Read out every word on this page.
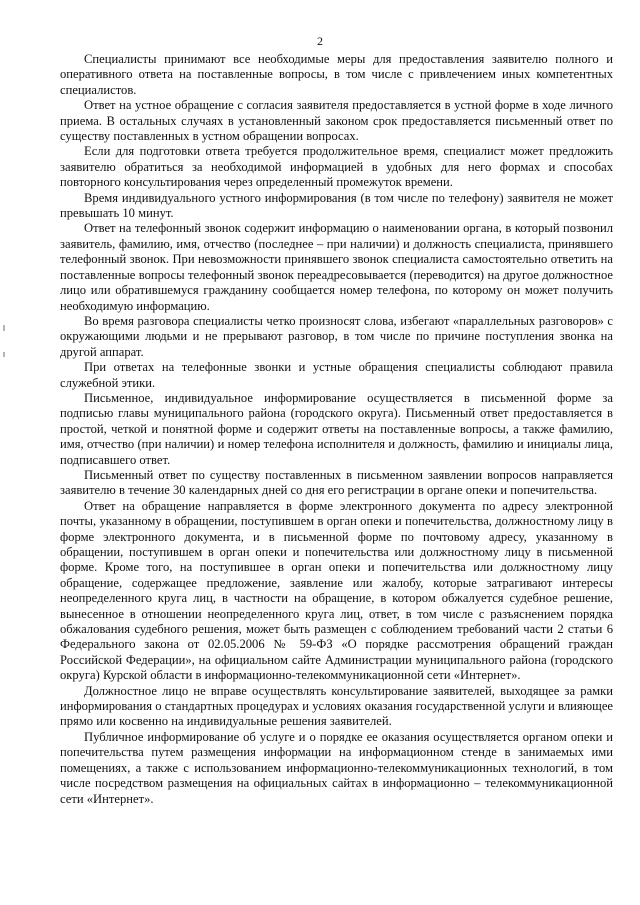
2

Специалисты принимают все необходимые меры для предоставления заявителю полного и оперативного ответа на поставленные вопросы, в том числе с привлечением иных компетентных специалистов.

Ответ на устное обращение с согласия заявителя предоставляется в устной форме в ходе личного приема. В остальных случаях в установленный законом срок предоставляется письменный ответ по существу поставленных в устном обращении вопросах.

Если для подготовки ответа требуется продолжительное время, специалист может предложить заявителю обратиться за необходимой информацией в удобных для него формах и способах повторного консультирования через определенный промежуток времени.

Время индивидуального устного информирования (в том числе по телефону) заявителя не может превышать 10 минут.

Ответ на телефонный звонок содержит информацию о наименовании органа, в который позвонил заявитель, фамилию, имя, отчество (последнее – при наличии) и должность специалиста, принявшего телефонный звонок. При невозможности принявшего звонок специалиста самостоятельно ответить на поставленные вопросы телефонный звонок переадресовывается (переводится) на другое должностное лицо или обратившемуся гражданину сообщается номер телефона, по которому он может получить необходимую информацию.

Во время разговора специалисты четко произносят слова, избегают «параллельных разговоров» с окружающими людьми и не прерывают разговор, в том числе по причине поступления звонка на другой аппарат.

При ответах на телефонные звонки и устные обращения специалисты соблюдают правила служебной этики.

Письменное, индивидуальное информирование осуществляется в письменной форме за подписью главы муниципального района (городского округа). Письменный ответ предоставляется в простой, четкой и понятной форме и содержит ответы на поставленные вопросы, а также фамилию, имя, отчество (при наличии) и номер телефона исполнителя и должность, фамилию и инициалы лица, подписавшего ответ.

Письменный ответ по существу поставленных в письменном заявлении вопросов направляется заявителю в течение 30 календарных дней со дня его регистрации в органе опеки и попечительства.

Ответ на обращение направляется в форме электронного документа по адресу электронной почты, указанному в обращении, поступившем в орган опеки и попечительства, должностному лицу в форме электронного документа, и в письменной форме по почтовому адресу, указанному в обращении, поступившем в орган опеки и попечительства или должностному лицу в письменной форме. Кроме того, на поступившее в орган опеки и попечительства или должностному лицу обращение, содержащее предложение, заявление или жалобу, которые затрагивают интересы неопределенного круга лиц, в частности на обращение, в котором обжалуется судебное решение, вынесенное в отношении неопределенного круга лиц, ответ, в том числе с разъяснением порядка обжалования судебного решения, может быть размещен с соблюдением требований части 2 статьи 6 Федерального закона от 02.05.2006 № 59-ФЗ «О порядке рассмотрения обращений граждан Российской Федерации», на официальном сайте Администрации муниципального района (городского округа) Курской области в информационно-телекоммуникационной сети «Интернет».

Должностное лицо не вправе осуществлять консультирование заявителей, выходящее за рамки информирования о стандартных процедурах и условиях оказания государственной услуги и влияющее прямо или косвенно на индивидуальные решения заявителей.

Публичное информирование об услуге и о порядке ее оказания осуществляется органом опеки и попечительства путем размещения информации на информационном стенде в занимаемых ими помещениях, а также с использованием информационно-телекоммуникационных технологий, в том числе посредством размещения на официальных сайтах в информационно – телекоммуникационной сети «Интернет».
